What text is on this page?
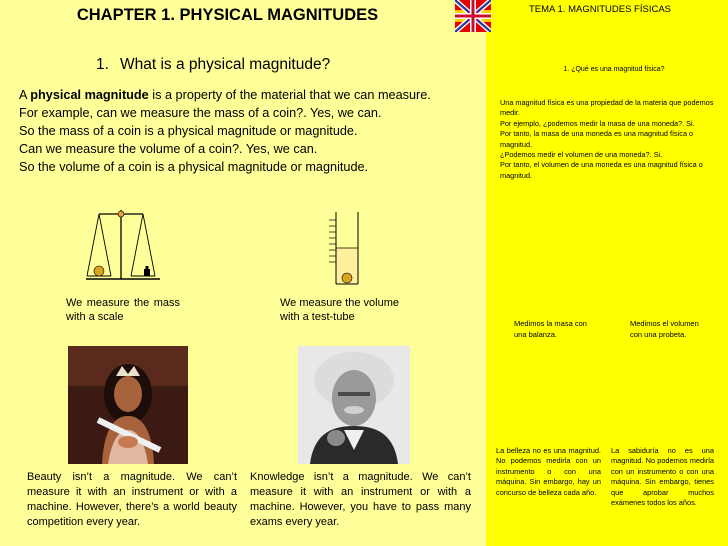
CHAPTER 1. PHYSICAL MAGNITUDES	TEMA 1. MAGNITUDES FÍSICAS
1. What is a physical magnitude?	1. ¿Qué es una magnitud física?

A physical magnitude is a property of the material that we can measure.

For example, can we measure the mass of a coin?. Yes, we can.

So the mass of a coin is a physical magnitude or magnitude.

Can we measure the volume of a coin?. Yes, we can.

So the volume of a coin is a physical magnitude or magnitude.

Una magnitud física es una propiedad de la materia que podemos medir.

Por ejemplo, ¿podemos medir la masa de una moneda?. Si.

Por tanto, la masa de una moneda es una magnitud física o magnitud.

¿Podemos medir el volumen de una moneda?. Si.

Por tanto, el volumen de una moneda es una magnitud física o magnitud.

We measure the mass with a scale
We measure the volume with a test-tube
Medimos la masa con una balanza.
Medimos el volumen con una probeta.
Beauty isn’t a magnitude. We can’t measure it with an instrument or with a machine. However, there’s a world beauty competition every year.
Knowledge isn’t a magnitude. We can’t measure it with an instrument or with a machine. However, you have to pass many exams every year.
La belleza no es una magnitud. No podemos medirla con un instrumento o con una máquina. Sin embargo, hay un concurso de belleza cada año.
La sabiduría no es una magnitud. No podemos medirla con un instrumento o con una máquina. Sin embargo, tienes que aprobar muchos exámenes todos los años.
